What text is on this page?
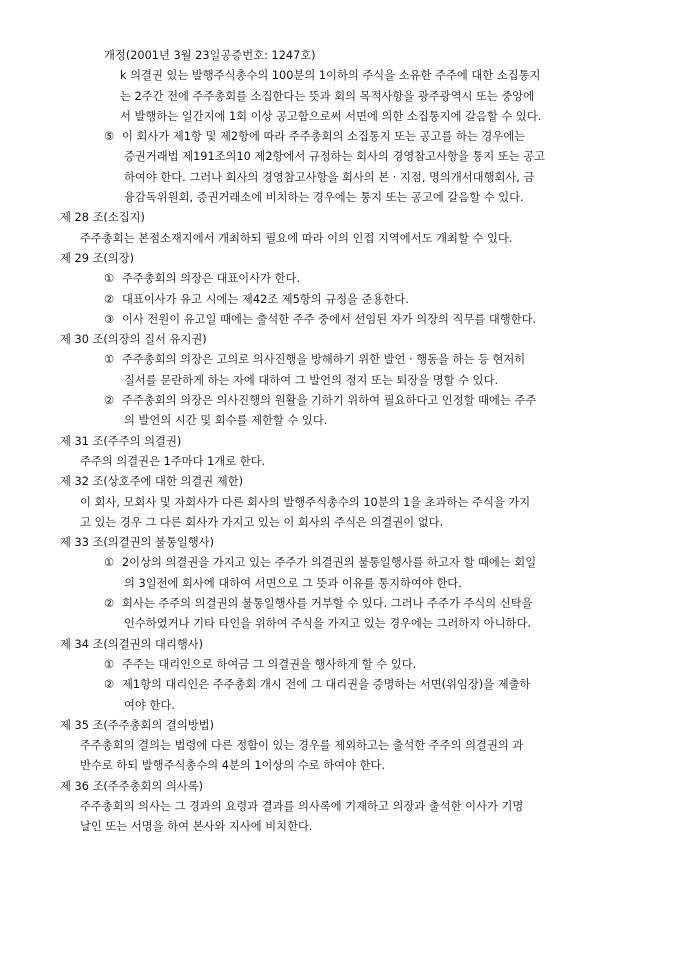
개정(2001년 3월 23일공증번호: 1247호)
k 의결권 있는 발행주식총수의 100분의 1이하의 주식을 소유한 주주에 대한 소집통지
는 2주간 전에 주주총회를 소집한다는 뜻과 회의 목적사항을 광주광역시 또는 중앙에
서 발행하는 일간지에 1회 이상 공고함으로써 서면에 의한 소집통지에 갈음할 수 있다.
⑤ 이 회사가 제1항 및 제2항에 따라 주주총회의 소집통지 또는 공고를 하는 경우에는
증권거래법 제191조의10 제2항에서 규정하는 회사의 경영참고사항을 통지 또는 공고
하여야 한다. 그러나 회사의 경영참고사항을 회사의 본 · 지점, 명의개서대행회사, 금
융감독위원회, 증권거래소에 비치하는 경우에는 통지 또는 공고에 갈음할 수 있다.
제 28 조(소집지)
주주총회는 본점소재지에서 개최하되 필요에 따라 이의 인접 지역에서도 개최할 수 있다.
제 29 조(의장)
① 주주총회의 의장은 대표이사가 한다.
② 대표이사가 유고 시에는 제42조 제5항의 규정을 준용한다.
③ 이사 전원이 유고일 때에는 출석한 주주 중에서 선임된 자가 의장의 직무를 대행한다.
제 30 조(의장의 질서 유지권)
① 주주총회의 의장은 고의로 의사진행을 방해하기 위한 발언 · 행동을 하는 등 현저히
질서를 문란하게 하는 자에 대하여 그 발언의 정지 또는 퇴장을 명할 수 있다.
② 주주총회의 의장은 의사진행의 원활을 기하기 위하여 필요하다고 인정할 때에는 주주
의 발언의 시간 및 회수를 제한할 수 있다.
제 31 조(주주의 의결권)
주주의 의결권은 1주마다 1개로 한다.
제 32 조(상호주에 대한 의결권 제한)
이 회사, 모회사 및 자회사가 다른 회사의 발행주식총수의 10분의 1을 초과하는 주식을 가지
고 있는 경우 그 다른 회사가 가지고 있는 이 회사의 주식은 의결권이 없다.
제 33 조(의결권의 불통일행사)
① 2이상의 의결권을 가지고 있는 주주가 의결권의 불통일행사를 하고자 할 때에는 회일
의 3일전에 회사에 대하여 서면으로 그 뜻과 이유를 통지하여야 한다.
② 회사는 주주의 의결권의 불통일행사를 거부할 수 있다. 그러나 주주가 주식의 신탁을
인수하였거나 기타 타인을 위하여 주식을 가지고 있는 경우에는 그러하지 아니하다.
제 34 조(의결권의 대리행사)
① 주주는 대리인으로 하여금 그 의결권을 행사하게 할 수 있다.
② 제1항의 대리인은 주주총회 개시 전에 그 대리권을 증명하는 서면(위임장)을 제출하
여야 한다.
제 35 조(주주총회의 결의방법)
주주총회의 결의는 법령에 다른 정함이 있는 경우를 제외하고는 출석한 주주의 의결권의 과
반수로 하되 발행주식총수의 4분의 1이상의 수로 하여야 한다.
제 36 조(주주총회의 의사록)
주주총회의 의사는 그 경과의 요령과 결과를 의사록에 기재하고 의장과 출석한 이사가 기명
날인 또는 서명을 하여 본사와 지사에 비치한다.
